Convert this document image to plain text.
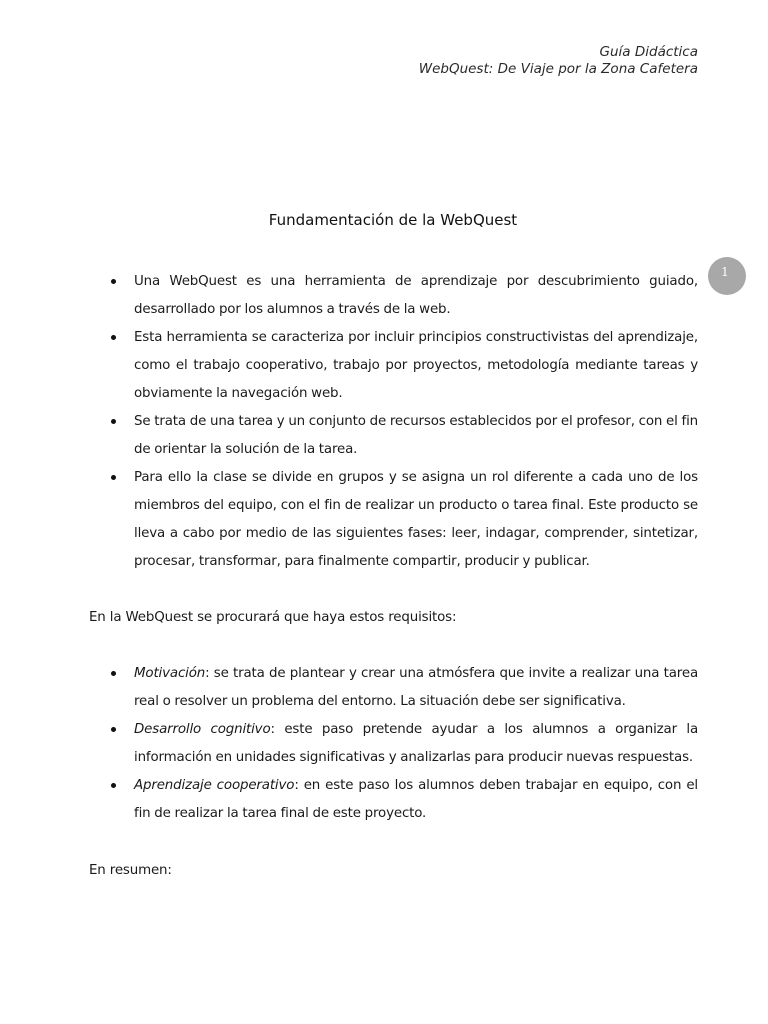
Guía Didáctica
WebQuest: De Viaje por la Zona Cafetera
1
Fundamentación de la WebQuest
Una WebQuest es una herramienta de aprendizaje por descubrimiento guiado, desarrollado por los alumnos a través de la web.
Esta herramienta se caracteriza por incluir principios constructivistas del aprendizaje, como el trabajo cooperativo, trabajo por proyectos, metodología mediante tareas y obviamente la navegación web.
Se trata de una tarea y un conjunto de recursos establecidos por el profesor, con el fin de orientar la solución de la tarea.
Para ello la clase se divide en grupos y se asigna un rol diferente a cada uno de los miembros del equipo, con el fin de realizar un producto o tarea final. Este producto se lleva a cabo por medio de las siguientes fases: leer, indagar, comprender, sintetizar, procesar, transformar, para finalmente compartir, producir y publicar.

En la WebQuest se procurará que haya estos requisitos:

Motivación: se trata de plantear y crear una atmósfera que invite a realizar una tarea real o resolver un problema del entorno. La situación debe ser significativa.
Desarrollo cognitivo: este paso pretende ayudar a los alumnos a organizar la información en unidades significativas y analizarlas para producir nuevas respuestas.
Aprendizaje cooperativo: en este paso los alumnos deben trabajar en equipo, con el fin de realizar la tarea final de este proyecto.

En resumen:
